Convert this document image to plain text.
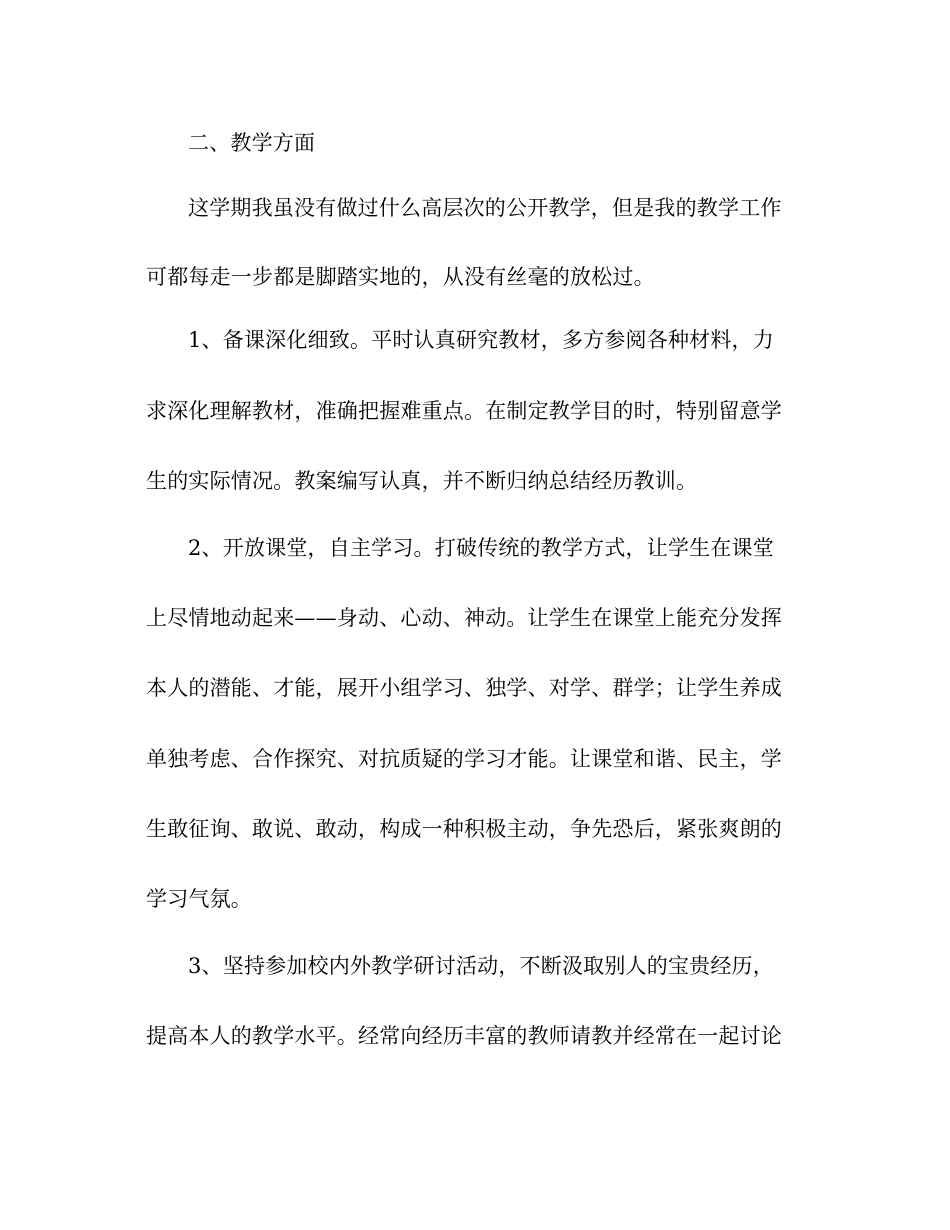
二、教学方面
这学期我虽没有做过什么高层次的公开教学，但是我的教学工作
可都每走一步都是脚踏实地的，从没有丝毫的放松过。
1、备课深化细致。平时认真研究教材，多方参阅各种材料，力
求深化理解教材，准确把握难重点。在制定教学目的时，特别留意学
生的实际情况。教案编写认真，并不断归纳总结经历教训。
2、开放课堂，自主学习。打破传统的教学方式，让学生在课堂
上尽情地动起来——身动、心动、神动。让学生在课堂上能充分发挥
本人的潜能、才能，展开小组学习、独学、对学、群学；让学生养成
单独考虑、合作探究、对抗质疑的学习才能。让课堂和谐、民主，学
生敢征询、敢说、敢动，构成一种积极主动，争先恐后，紧张爽朗的
学习气氛。
3、坚持参加校内外教学研讨活动，不断汲取别人的宝贵经历，
提高本人的教学水平。经常向经历丰富的教师请教并经常在一起讨论
